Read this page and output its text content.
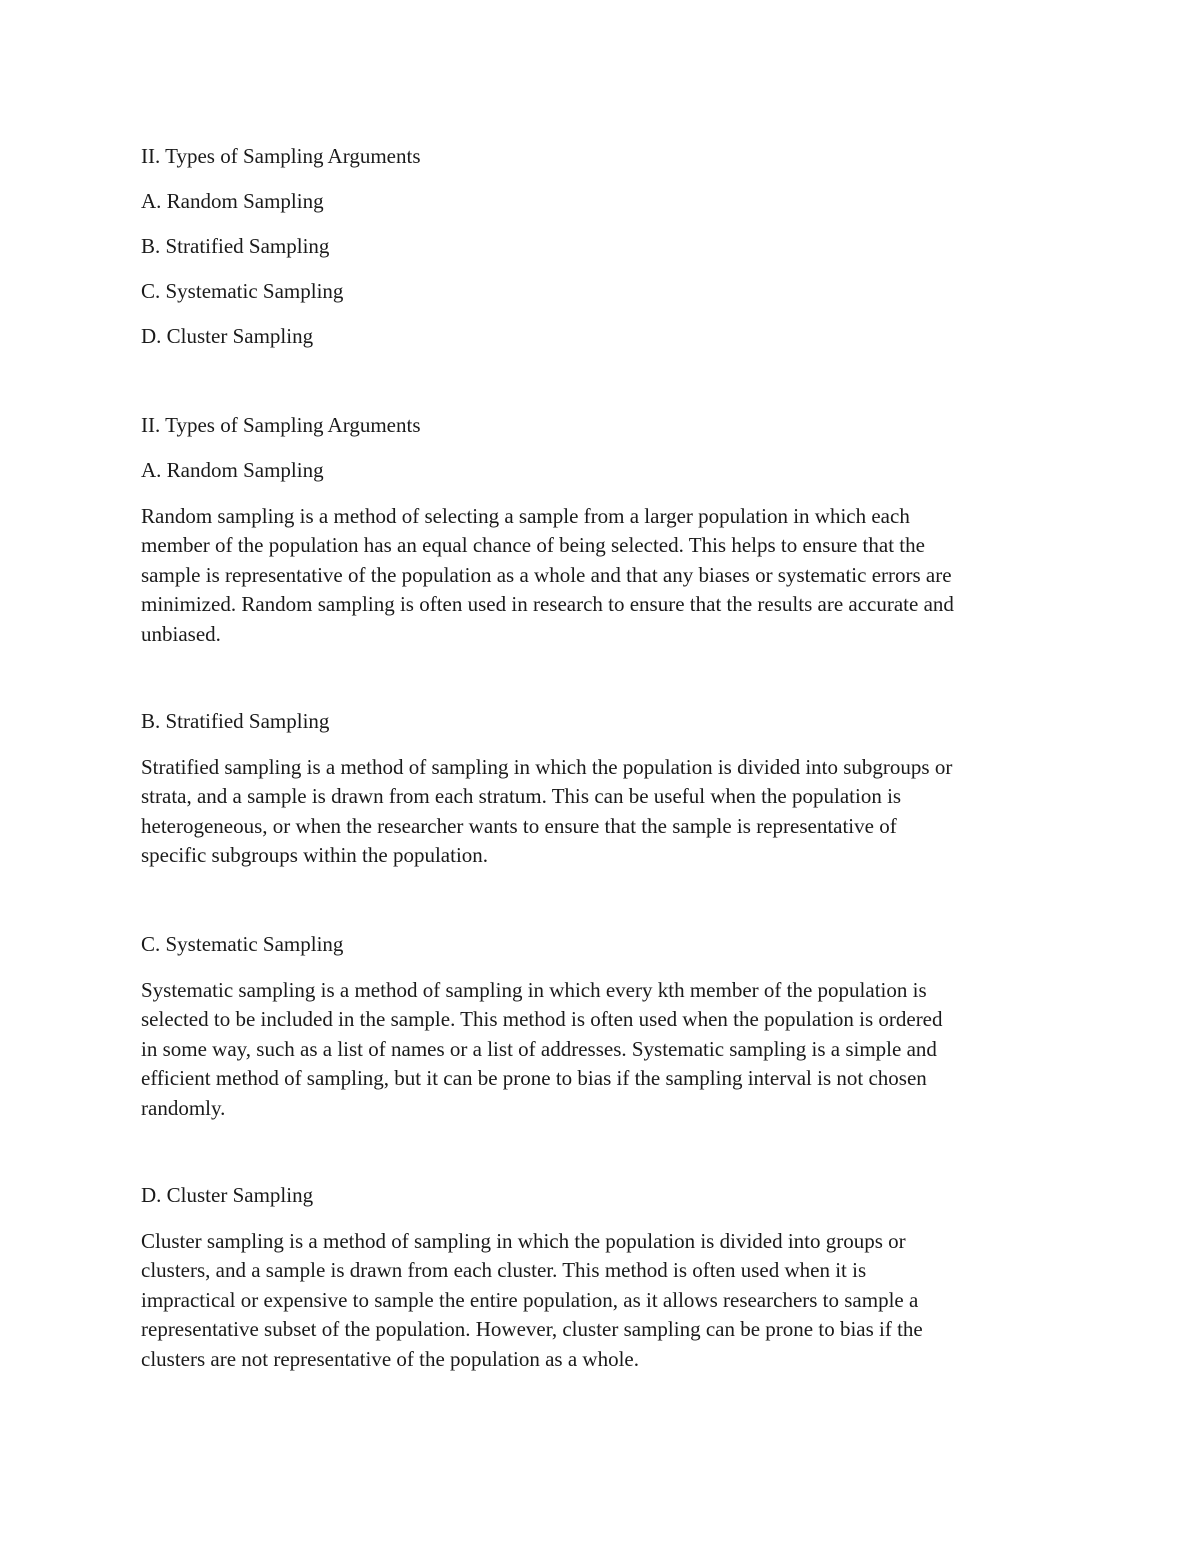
II. Types of Sampling Arguments
A. Random Sampling
B. Stratified Sampling
C. Systematic Sampling
D. Cluster Sampling
II. Types of Sampling Arguments
A. Random Sampling
Random sampling is a method of selecting a sample from a larger population in which each
member of the population has an equal chance of being selected. This helps to ensure that the
sample is representative of the population as a whole and that any biases or systematic errors are
minimized. Random sampling is often used in research to ensure that the results are accurate and
unbiased.
B. Stratified Sampling
Stratified sampling is a method of sampling in which the population is divided into subgroups or
strata, and a sample is drawn from each stratum. This can be useful when the population is
heterogeneous, or when the researcher wants to ensure that the sample is representative of
specific subgroups within the population.
C. Systematic Sampling
Systematic sampling is a method of sampling in which every kth member of the population is
selected to be included in the sample. This method is often used when the population is ordered
in some way, such as a list of names or a list of addresses. Systematic sampling is a simple and
efficient method of sampling, but it can be prone to bias if the sampling interval is not chosen
randomly.
D. Cluster Sampling
Cluster sampling is a method of sampling in which the population is divided into groups or
clusters, and a sample is drawn from each cluster. This method is often used when it is
impractical or expensive to sample the entire population, as it allows researchers to sample a
representative subset of the population. However, cluster sampling can be prone to bias if the
clusters are not representative of the population as a whole.
